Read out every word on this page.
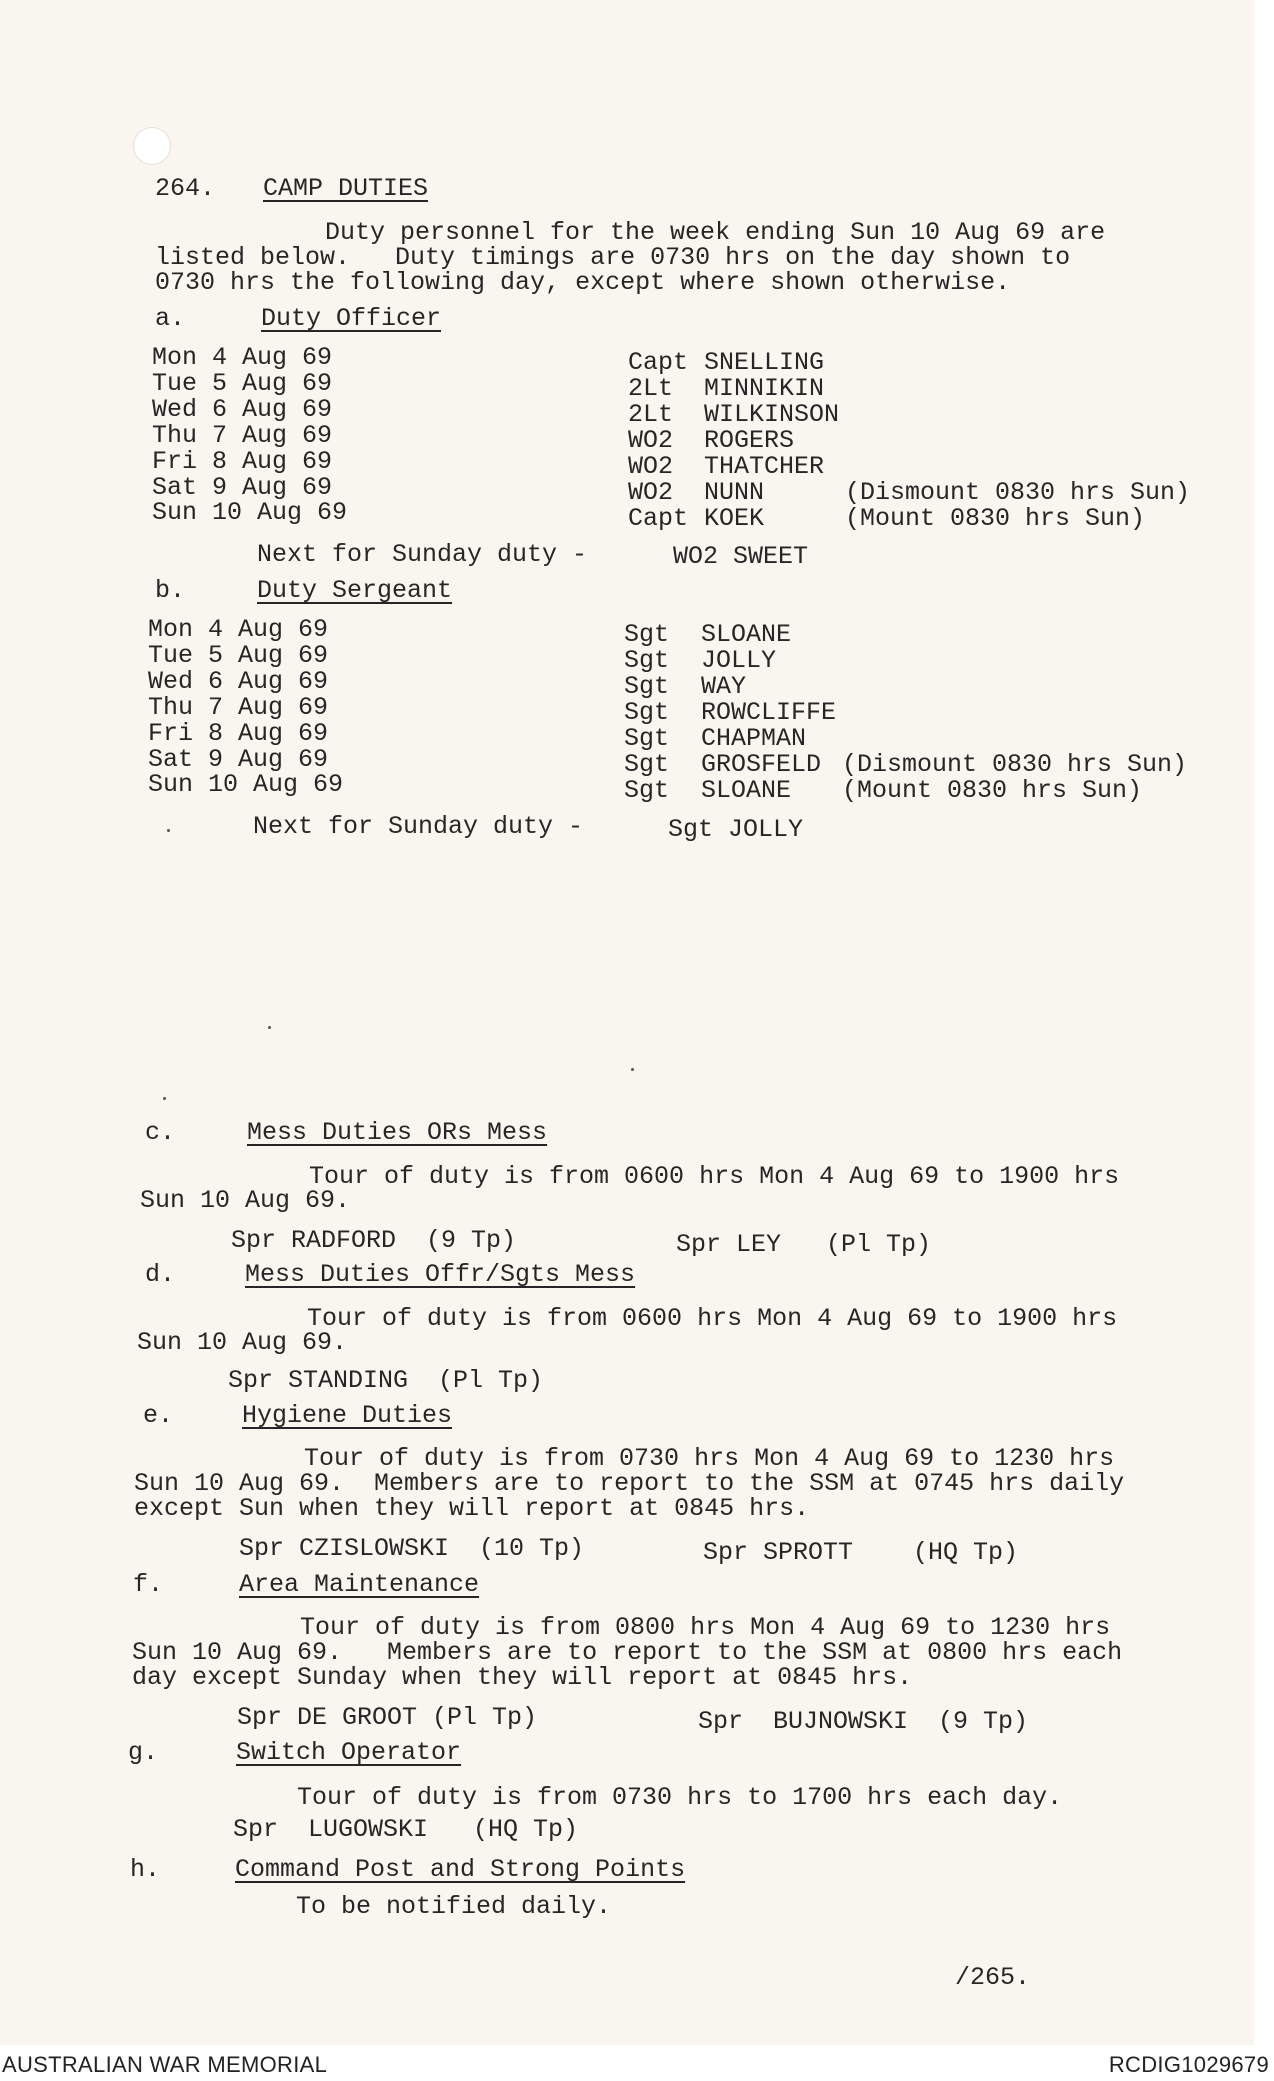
264. CAMP DUTIES
Duty personnel for the week ending Sun 10 Aug 69 are
listed below.   Duty timings are 0730 hrs on the day shown to
0730 hrs the following day, except where shown otherwise.
a.	Duty Officer
Mon 4 Aug 69	Capt SNELLING
Tue 5 Aug 69	2Lt MINNIKIN
Wed 6 Aug 69	2Lt WILKINSON
Thu 7 Aug 69	WO2 ROGERS
Fri 8 Aug 69	WO2 THATCHER
Sat 9 Aug 69	WO2 NUNN	(Dismount 0830 hrs Sun)
Sun 10 Aug 69	Capt KOEK	(Mount 0830 hrs Sun)
Next for Sunday duty -	WO2 SWEET
b.	Duty Sergeant
Mon 4 Aug 69	Sgt SLOANE
Tue 5 Aug 69	Sgt JOLLY
Wed 6 Aug 69	Sgt WAY
Thu 7 Aug 69	Sgt ROWCLIFFE
Fri 8 Aug 69	Sgt CHAPMAN
Sat 9 Aug 69	Sgt GROSFELD (Dismount 0830 hrs Sun)
Sun 10 Aug 69	Sgt SLOANE (Mount 0830 hrs Sun)
Next for Sunday duty -	Sgt JOLLY
c.	Mess Duties ORs Mess
Tour of duty is from 0600 hrs Mon 4 Aug 69 to 1900 hrs
Sun 10 Aug 69.
Spr RADFORD  (9 Tp)	Spr LEY   (Pl Tp)
d.	Mess Duties Offr/Sgts Mess
Tour of duty is from 0600 hrs Mon 4 Aug 69 to 1900 hrs
Sun 10 Aug 69.
Spr STANDING  (Pl Tp)
e.	Hygiene Duties
Tour of duty is from 0730 hrs Mon 4 Aug 69 to 1230 hrs
Sun 10 Aug 69.  Members are to report to the SSM at 0745 hrs daily
except Sun when they will report at 0845 hrs.
Spr CZISLOWSKI  (10 Tp)	Spr SPROTT    (HQ Tp)
f.	Area Maintenance
Tour of duty is from 0800 hrs Mon 4 Aug 69 to 1230 hrs
Sun 10 Aug 69.   Members are to report to the SSM at 0800 hrs each
day except Sunday when they will report at 0845 hrs.
Spr DE GROOT (Pl Tp)	Spr  BUJNOWSKI  (9 Tp)
g.	Switch Operator
Tour of duty is from 0730 hrs to 1700 hrs each day.
Spr  LUGOWSKI   (HQ Tp)
h.	Command Post and Strong Points
To be notified daily.
/265.
AUSTRALIAN WAR MEMORIAL	RCDIG1029679
